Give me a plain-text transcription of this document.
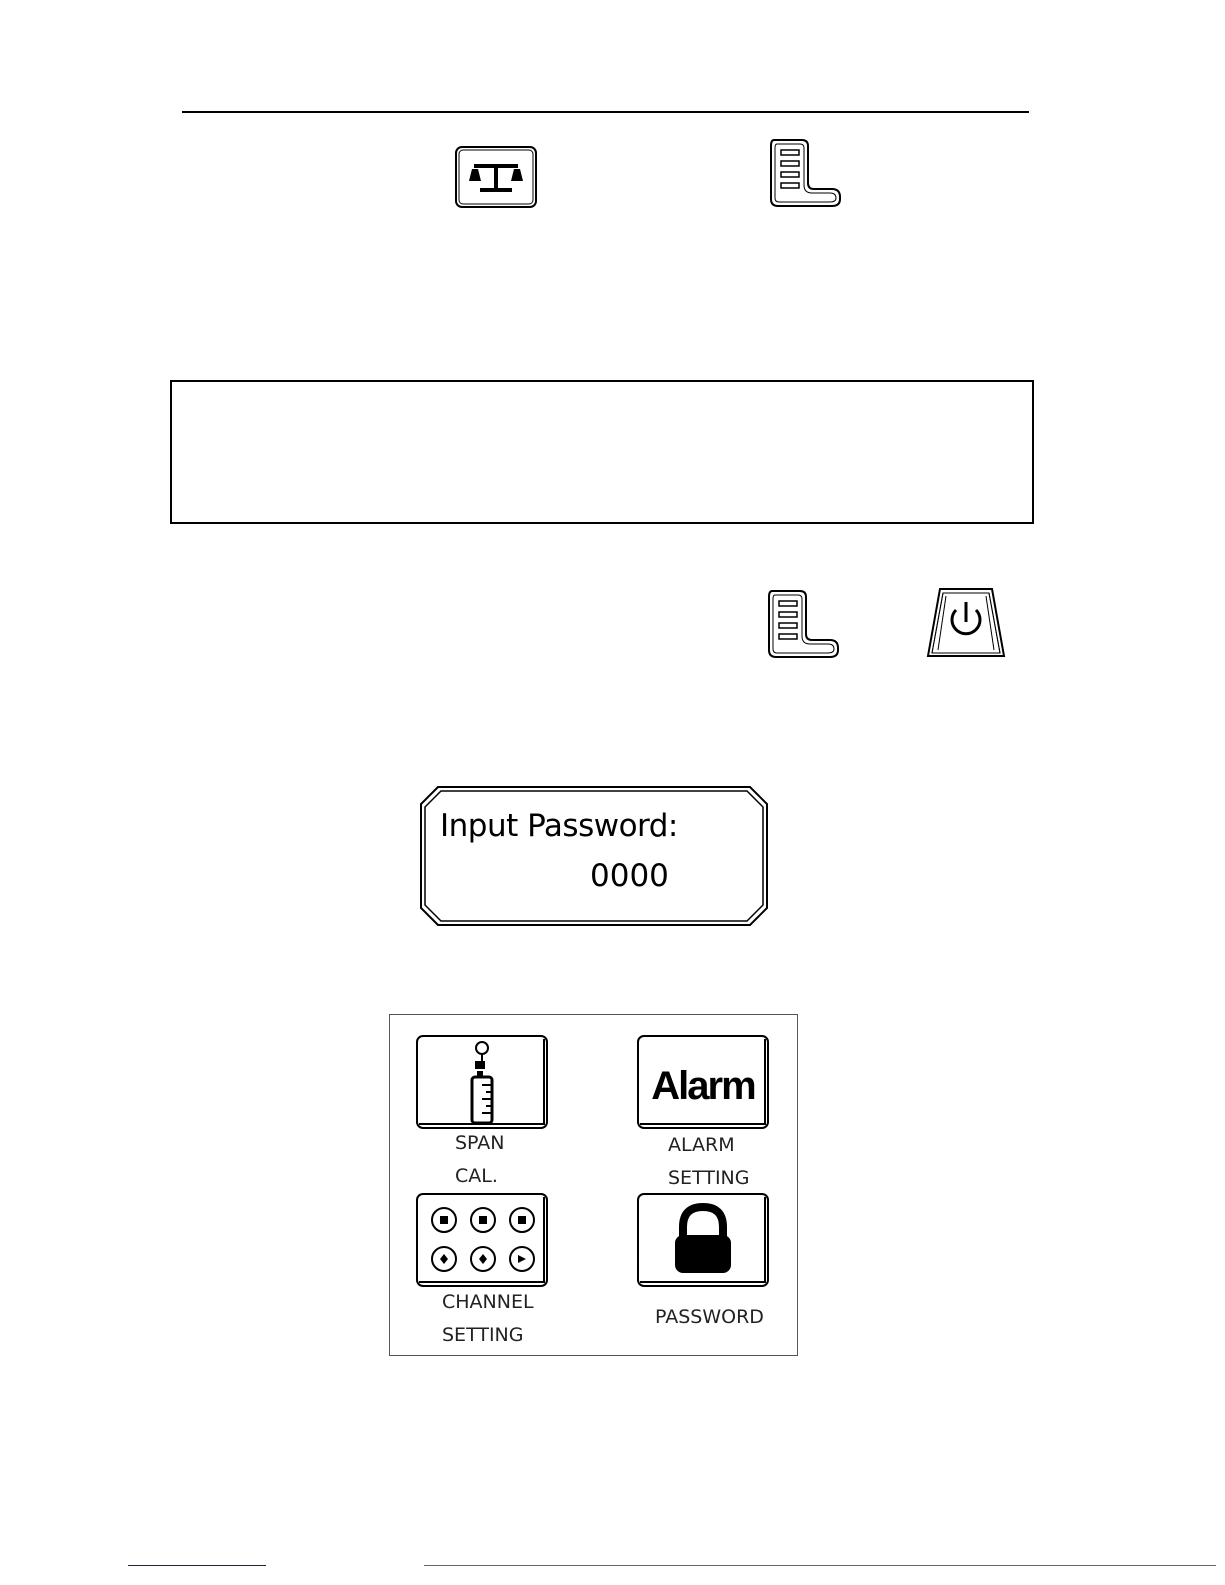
Input Password:
0000
SPAN
CAL.
Alarm
ALARM
SETTING
CHANNEL
SETTING
PASSWORD
